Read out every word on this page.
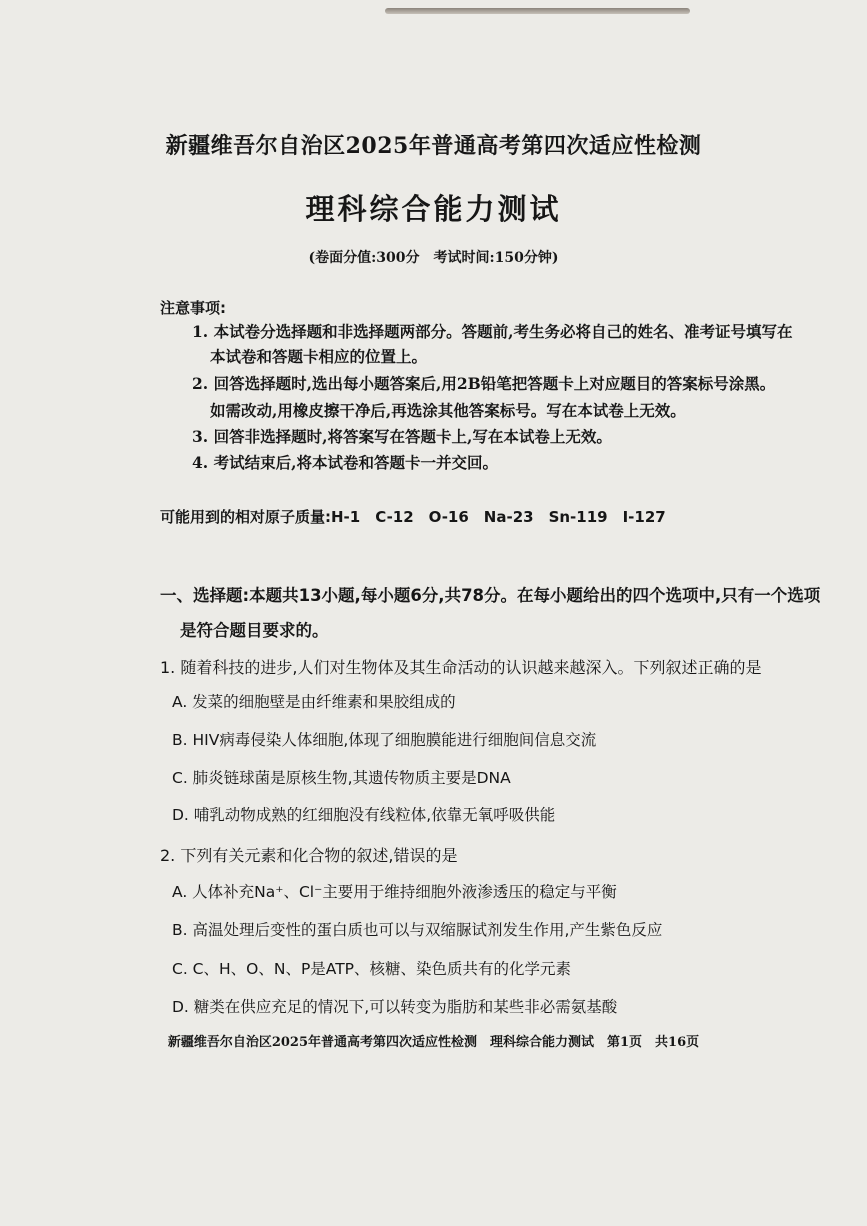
新疆维吾尔自治区2025年普通高考第四次适应性检测
理科综合能力测试
(卷面分值:300分　考试时间:150分钟)
注意事项:
1. 本试卷分选择题和非选择题两部分。答题前,考生务必将自己的姓名、准考证号填写在
本试卷和答题卡相应的位置上。
2. 回答选择题时,选出每小题答案后,用2B铅笔把答题卡上对应题目的答案标号涂黑。
如需改动,用橡皮擦干净后,再选涂其他答案标号。写在本试卷上无效。
3. 回答非选择题时,将答案写在答题卡上,写在本试卷上无效。
4. 考试结束后,将本试卷和答题卡一并交回。
可能用到的相对原子质量:H-1　C-12　O-16　Na-23　Sn-119　I-127
一、选择题:本题共13小题,每小题6分,共78分。在每小题给出的四个选项中,只有一个选项
是符合题目要求的。
1. 随着科技的进步,人们对生物体及其生命活动的认识越来越深入。下列叙述正确的是
A. 发菜的细胞壁是由纤维素和果胶组成的
B. HIV病毒侵染人体细胞,体现了细胞膜能进行细胞间信息交流
C. 肺炎链球菌是原核生物,其遗传物质主要是DNA
D. 哺乳动物成熟的红细胞没有线粒体,依靠无氧呼吸供能
2. 下列有关元素和化合物的叙述,错误的是
A. 人体补充Na⁺、Cl⁻主要用于维持细胞外液渗透压的稳定与平衡
B. 高温处理后变性的蛋白质也可以与双缩脲试剂发生作用,产生紫色反应
C. C、H、O、N、P是ATP、核糖、染色质共有的化学元素
D. 糖类在供应充足的情况下,可以转变为脂肪和某些非必需氨基酸
新疆维吾尔自治区2025年普通高考第四次适应性检测　理科综合能力测试　第1页　共16页
